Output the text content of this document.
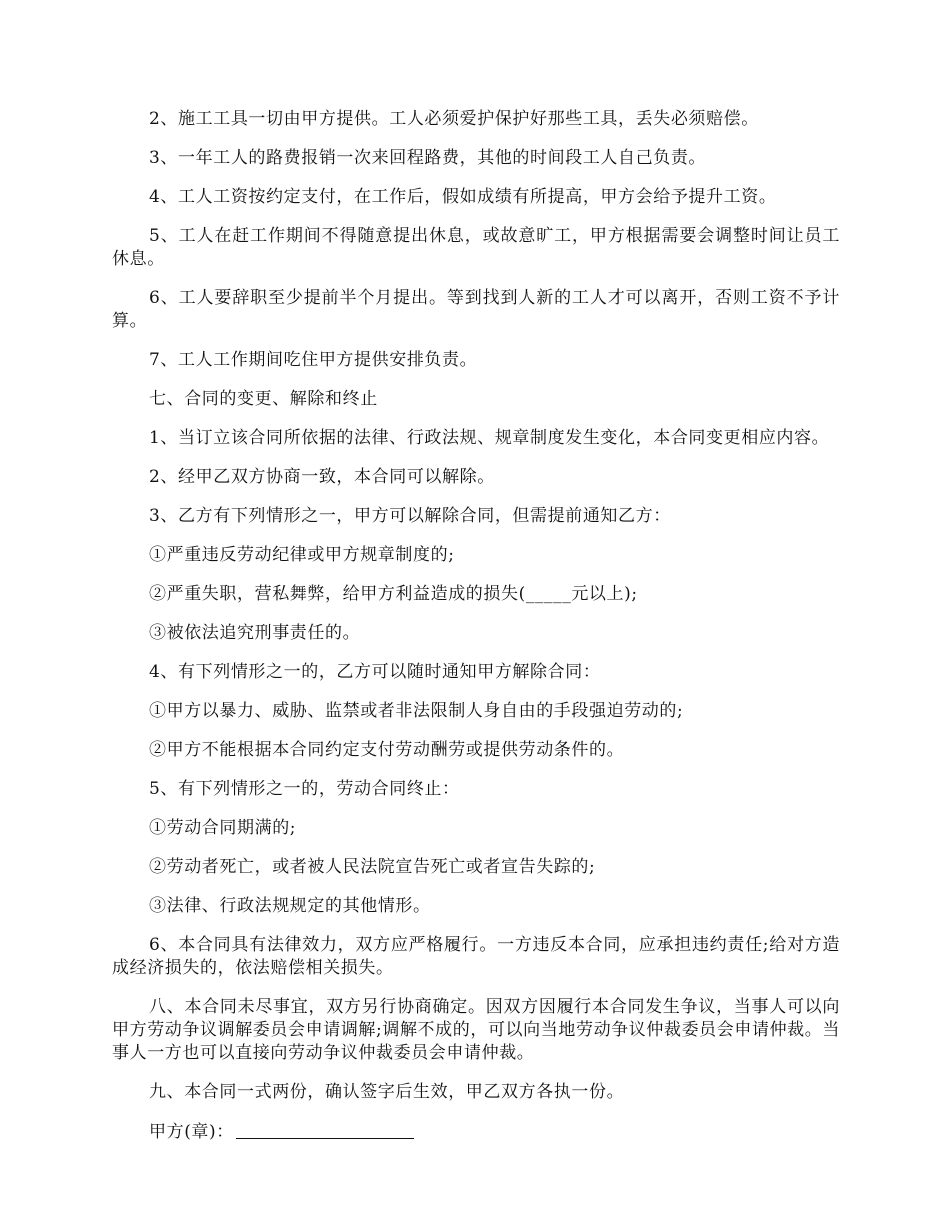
2、施工工具一切由甲方提供。工人必须爱护保护好那些工具，丢失必须赔偿。

3、一年工人的路费报销一次来回程路费，其他的时间段工人自己负责。

4、工人工资按约定支付，在工作后，假如成绩有所提高，甲方会给予提升工资。

5、工人在赶工作期间不得随意提出休息，或故意旷工，甲方根据需要会调整时间让员工休息。

6、工人要辞职至少提前半个月提出。等到找到人新的工人才可以离开，否则工资不予计算。

7、工人工作期间吃住甲方提供安排负责。

七、合同的变更、解除和终止

1、当订立该合同所依据的法律、行政法规、规章制度发生变化，本合同变更相应内容。

2、经甲乙双方协商一致，本合同可以解除。

3、乙方有下列情形之一，甲方可以解除合同，但需提前通知乙方：

①严重违反劳动纪律或甲方规章制度的;

②严重失职，营私舞弊，给甲方利益造成的损失(_____元以上);

③被依法追究刑事责任的。

4、有下列情形之一的，乙方可以随时通知甲方解除合同：

①甲方以暴力、威胁、监禁或者非法限制人身自由的手段强迫劳动的;

②甲方不能根据本合同约定支付劳动酬劳或提供劳动条件的。

5、有下列情形之一的，劳动合同终止：

①劳动合同期满的;

②劳动者死亡，或者被人民法院宣告死亡或者宣告失踪的;

③法律、行政法规规定的其他情形。

6、本合同具有法律效力，双方应严格履行。一方违反本合同，应承担违约责任;给对方造成经济损失的，依法赔偿相关损失。

八、本合同未尽事宜，双方另行协商确定。因双方因履行本合同发生争议，当事人可以向甲方劳动争议调解委员会申请调解;调解不成的，可以向当地劳动争议仲裁委员会申请仲裁。当事人一方也可以直接向劳动争议仲裁委员会申请仲裁。

九、本合同一式两份，确认签字后生效，甲乙双方各执一份。

甲方(章)：
